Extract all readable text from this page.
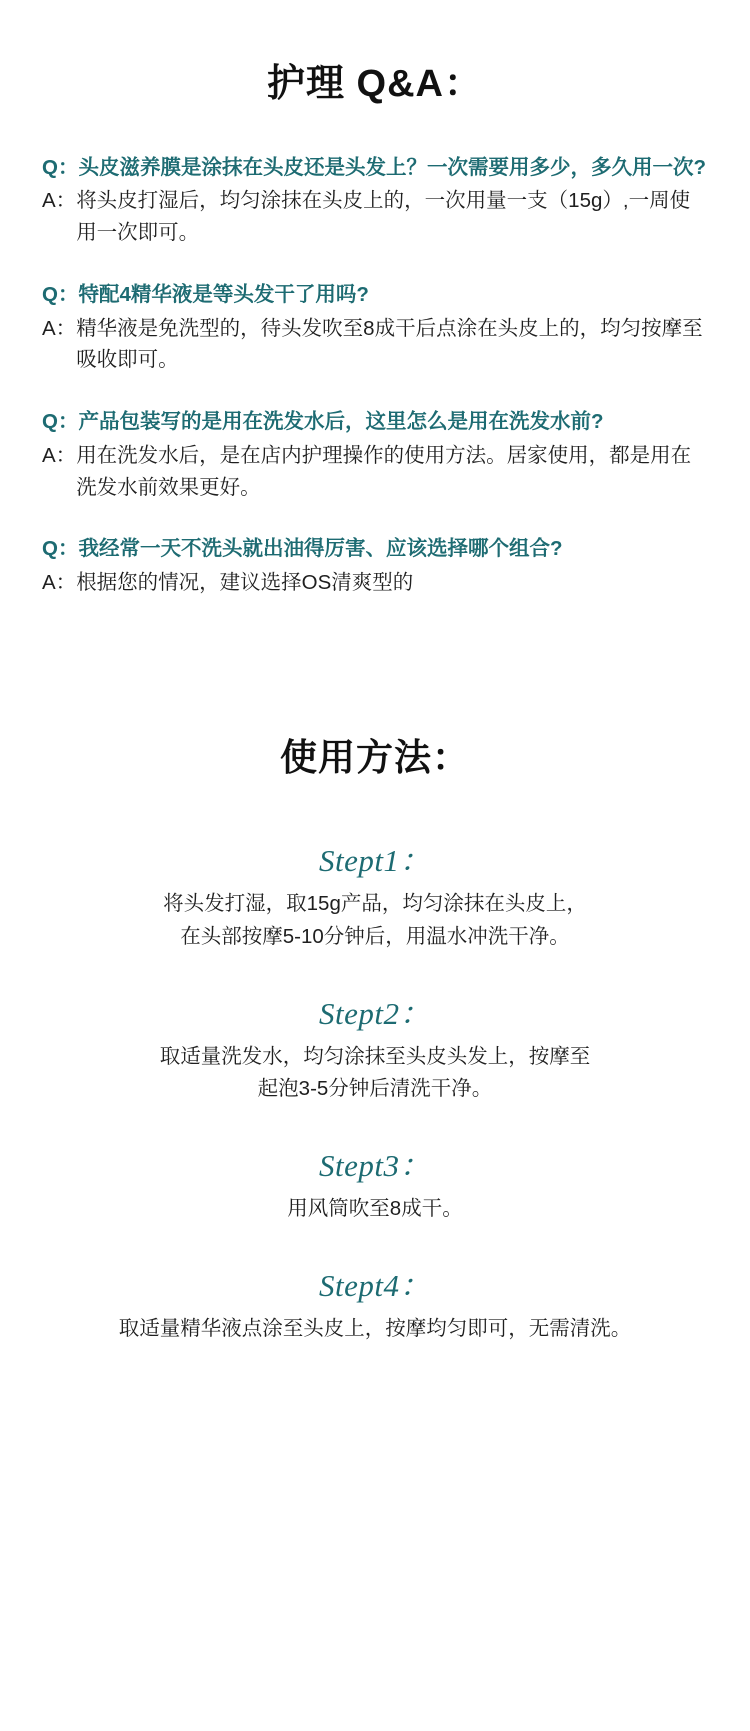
护理 Q&A：
Q： 头皮滋养膜是涂抹在头皮还是头发上？一次需要用多少，多久用一次?
A： 将头皮打湿后，均匀涂抹在头皮上的，一次用量一支（15g）,一周使用一次即可。
Q： 特配4精华液是等头发干了用吗?
A： 精华液是免洗型的，待头发吹至8成干后点涂在头皮上的，均匀按摩至吸收即可。
Q： 产品包装写的是用在洗发水后，这里怎么是用在洗发水前?
A： 用在洗发水后，是在店内护理操作的使用方法。居家使用，都是用在洗发水前效果更好。
Q： 我经常一天不洗头就出油得厉害、应该选择哪个组合?
A： 根据您的情况，建议选择OS清爽型的
使用方法：
Stept1：
将头发打湿，取15g产品，均匀涂抹在头皮上，
在头部按摩5-10分钟后，用温水冲洗干净。
Stept2：
取适量洗发水，均匀涂抹至头皮头发上，按摩至
起泡3-5分钟后清洗干净。
Stept3：
用风筒吹至8成干。
Stept4：
取适量精华液点涂至头皮上，按摩均匀即可，无需清洗。
